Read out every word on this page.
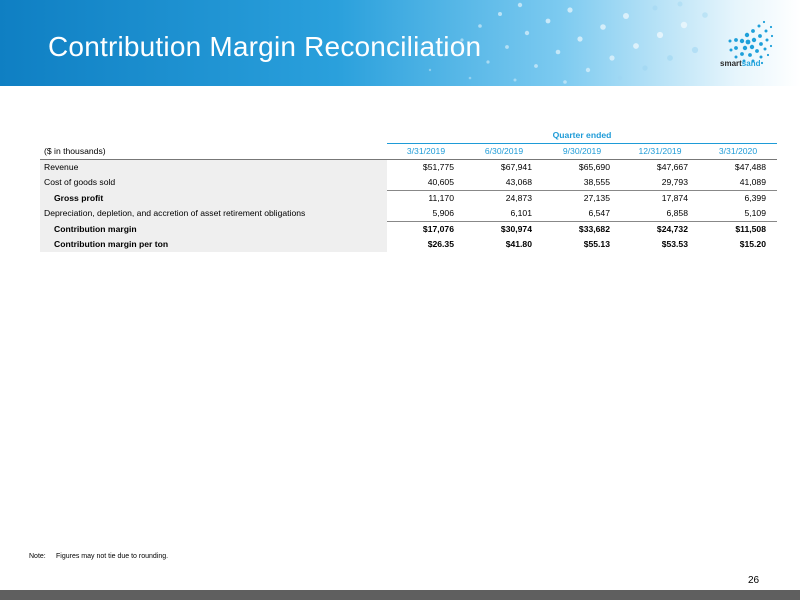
Contribution Margin Reconciliation
smartsand
	Quarter ended				
($ in thousands)	3/31/2019	6/30/2019	9/30/2019	12/31/2019	3/31/2020
Revenue	$51,775	$67,941	$65,690	$47,667	$47,488
Cost of goods sold	40,605	43,068	38,555	29,793	41,089
Gross profit	11,170	24,873	27,135	17,874	6,399
Depreciation, depletion, and accretion of asset retirement obligations	5,906	6,101	6,547	6,858	5,109
Contribution margin	$17,076	$30,974	$33,682	$24,732	$11,508
Contribution margin per ton	$26.35	$41.80	$55.13	$53.53	$15.20
Note: Figures may not tie due to rounding.
26
